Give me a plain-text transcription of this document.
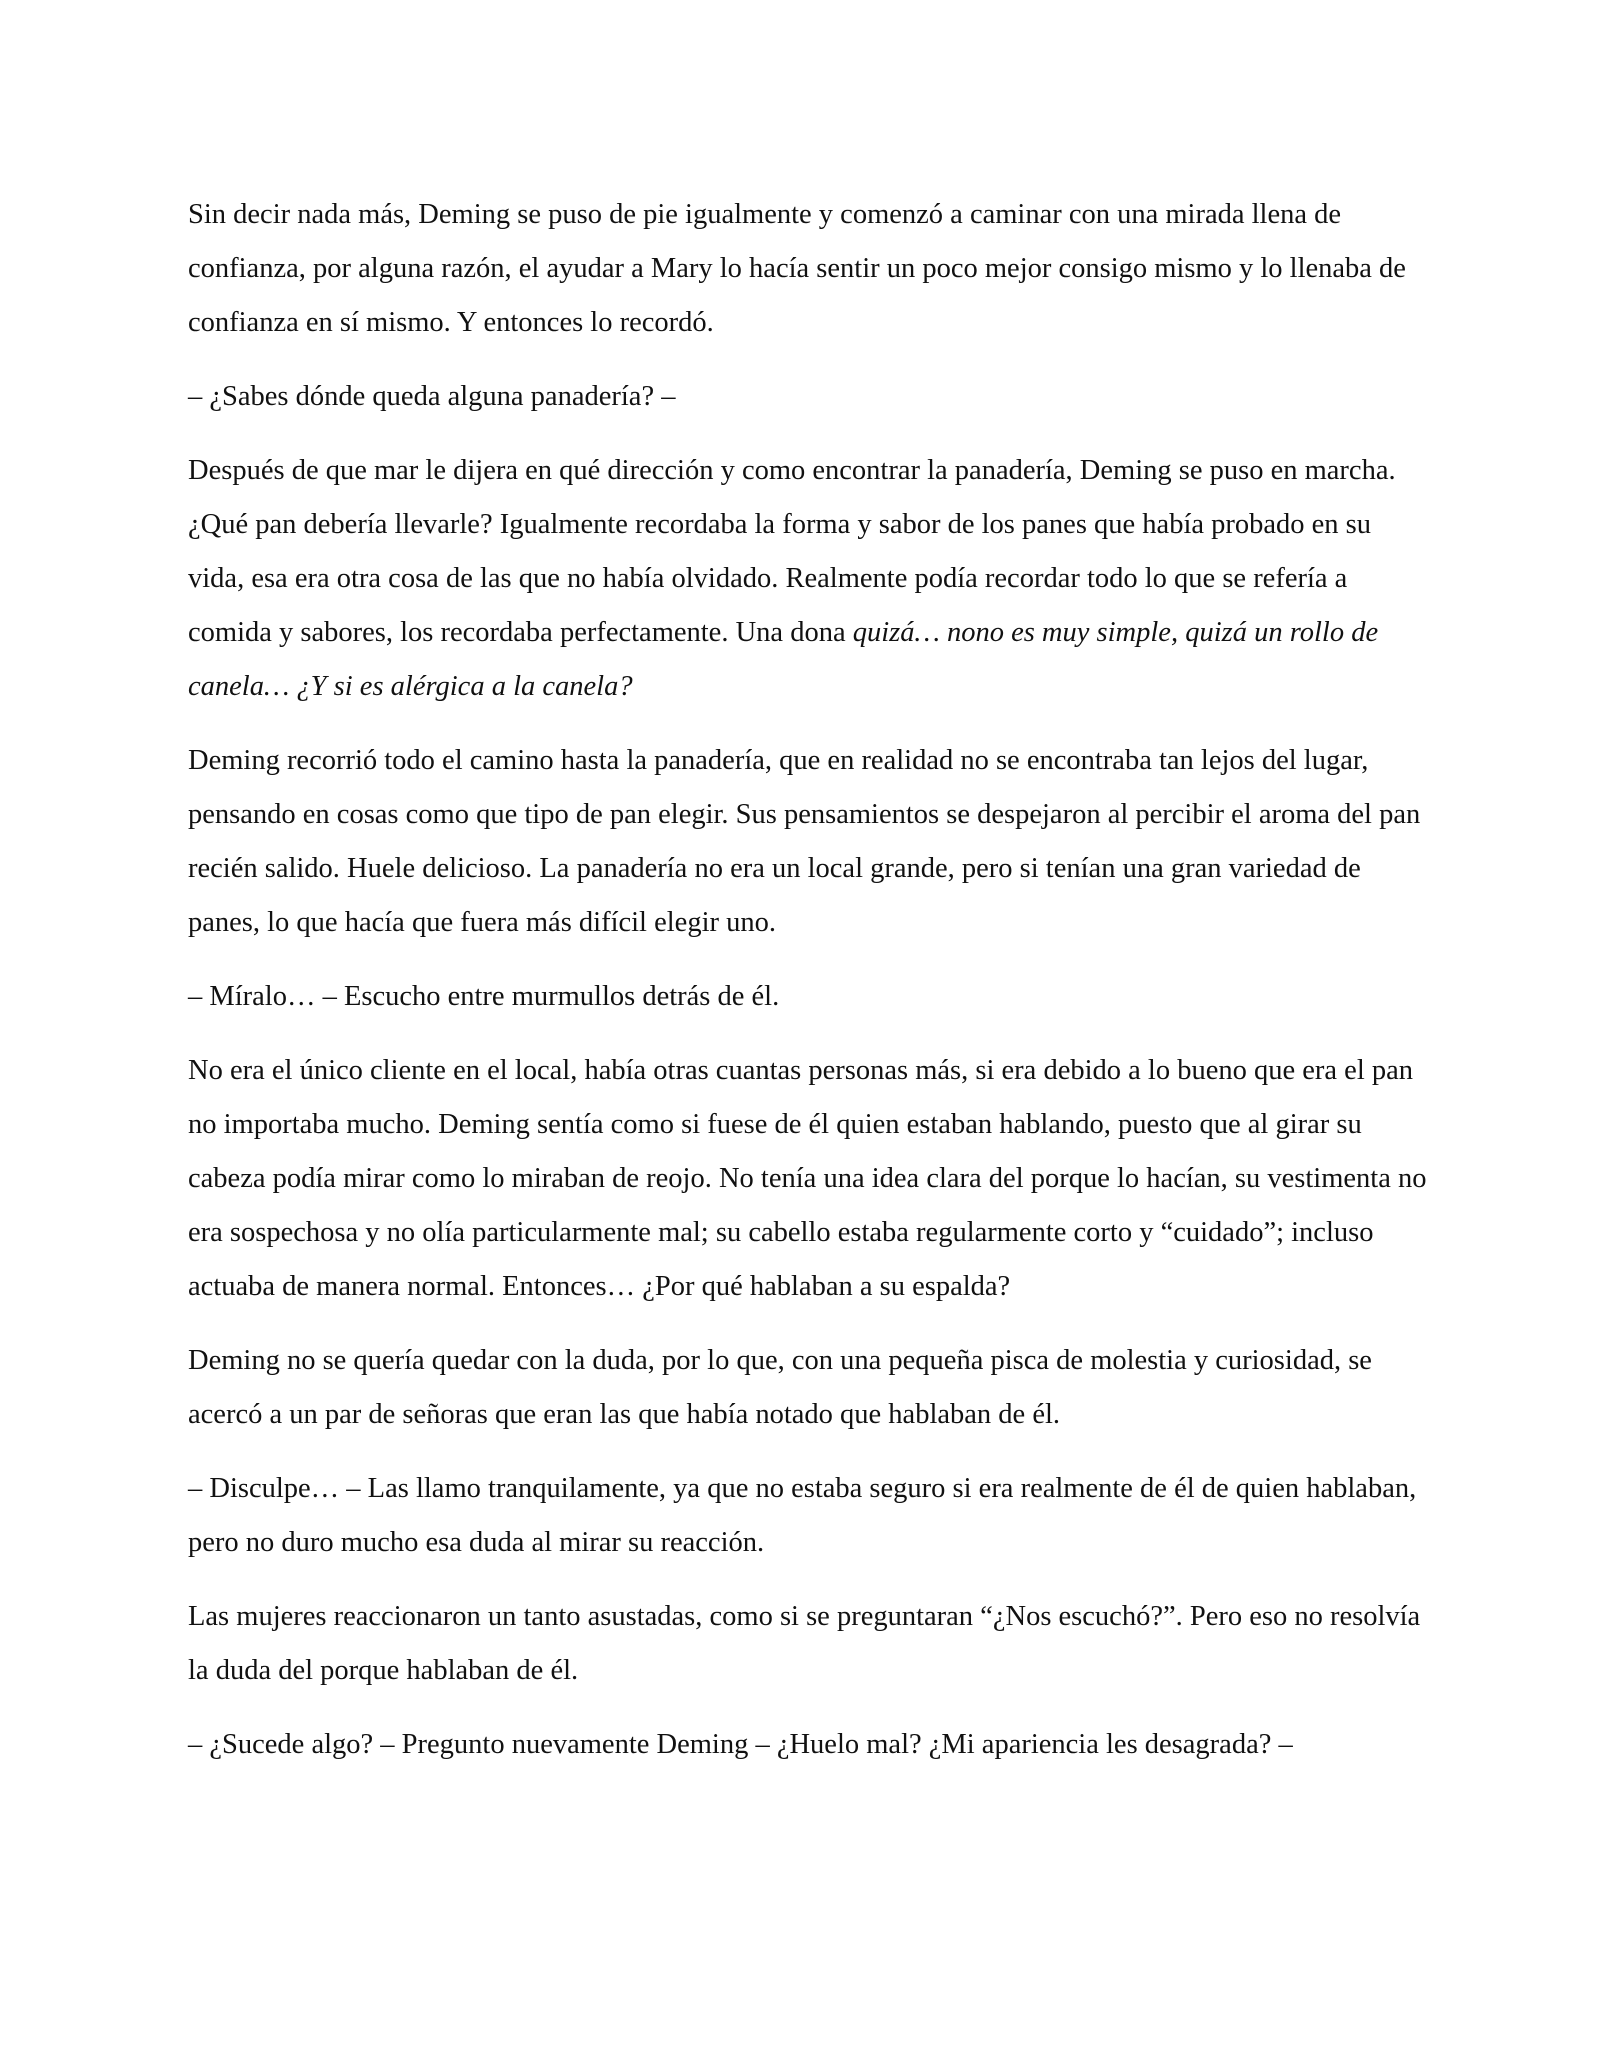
Sin decir nada más, Deming se puso de pie igualmente y comenzó a caminar con una mirada llena de confianza, por alguna razón, el ayudar a Mary lo hacía sentir un poco mejor consigo mismo y lo llenaba de confianza en sí mismo. Y entonces lo recordó.

– ¿Sabes dónde queda alguna panadería? –

Después de que mar le dijera en qué dirección y como encontrar la panadería, Deming se puso en marcha. ¿Qué pan debería llevarle? Igualmente recordaba la forma y sabor de los panes que había probado en su vida, esa era otra cosa de las que no había olvidado. Realmente podía recordar todo lo que se refería a comida y sabores, los recordaba perfectamente. Una dona quizá… nono es muy simple, quizá un rollo de canela… ¿Y si es alérgica a la canela?

Deming recorrió todo el camino hasta la panadería, que en realidad no se encontraba tan lejos del lugar, pensando en cosas como que tipo de pan elegir. Sus pensamientos se despejaron al percibir el aroma del pan recién salido. Huele delicioso. La panadería no era un local grande, pero si tenían una gran variedad de panes, lo que hacía que fuera más difícil elegir uno.

– Míralo… – Escucho entre murmullos detrás de él.

No era el único cliente en el local, había otras cuantas personas más, si era debido a lo bueno que era el pan no importaba mucho. Deming sentía como si fuese de él quien estaban hablando, puesto que al girar su cabeza podía mirar como lo miraban de reojo. No tenía una idea clara del porque lo hacían, su vestimenta no era sospechosa y no olía particularmente mal; su cabello estaba regularmente corto y “cuidado”; incluso actuaba de manera normal. Entonces… ¿Por qué hablaban a su espalda?

Deming no se quería quedar con la duda, por lo que, con una pequeña pisca de molestia y curiosidad, se acercó a un par de señoras que eran las que había notado que hablaban de él.

– Disculpe… – Las llamo tranquilamente, ya que no estaba seguro si era realmente de él de quien hablaban, pero no duro mucho esa duda al mirar su reacción.

Las mujeres reaccionaron un tanto asustadas, como si se preguntaran “¿Nos escuchó?”. Pero eso no resolvía la duda del porque hablaban de él.

– ¿Sucede algo? – Pregunto nuevamente Deming – ¿Huelo mal? ¿Mi apariencia les desagrada? –
